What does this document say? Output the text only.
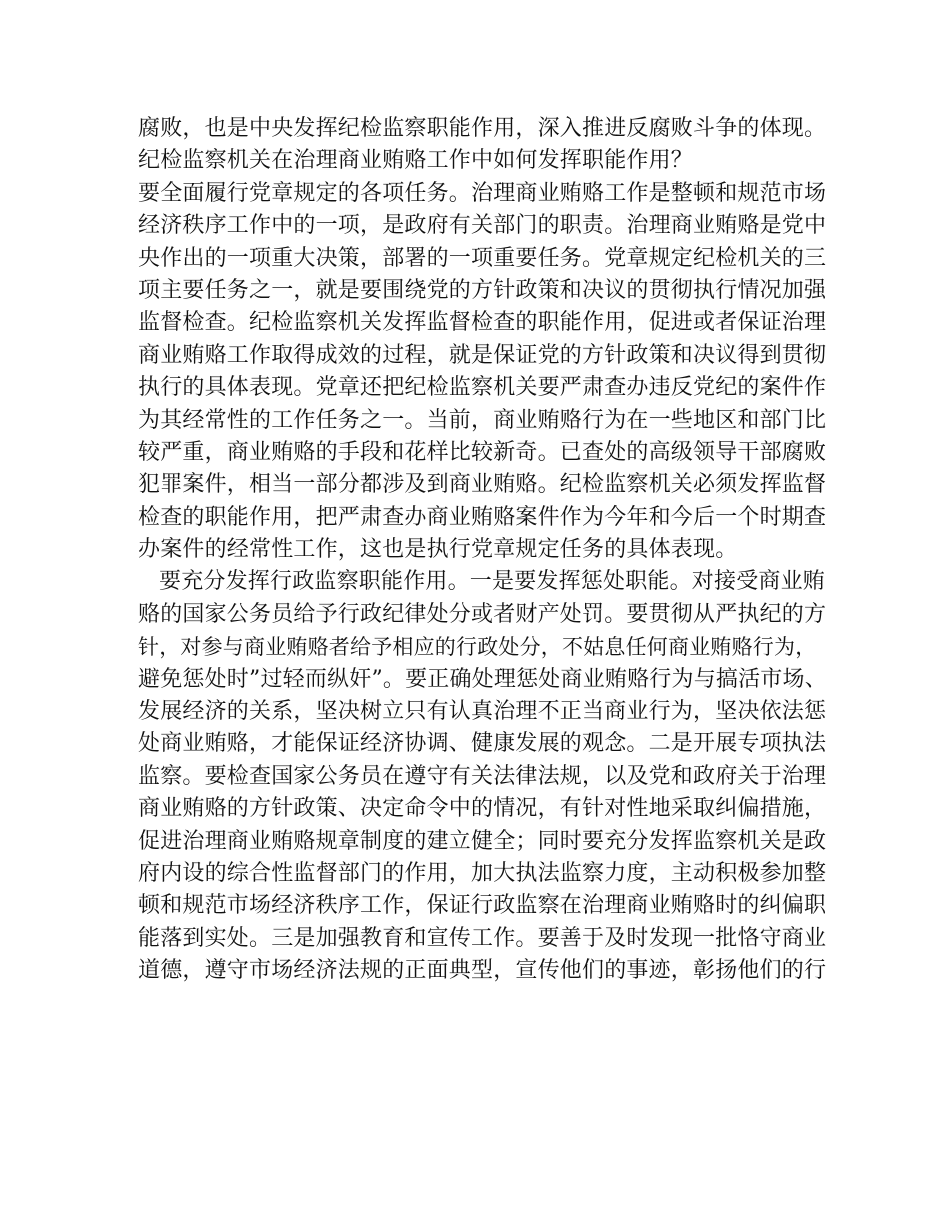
腐败，也是中央发挥纪检监察职能作用，深入推进反腐败斗争的体现。
纪检监察机关在治理商业贿赂工作中如何发挥职能作用？
要全面履行党章规定的各项任务。治理商业贿赂工作是整顿和规范市场
经济秩序工作中的一项，是政府有关部门的职责。治理商业贿赂是党中
央作出的一项重大决策，部署的一项重要任务。党章规定纪检机关的三
项主要任务之一，就是要围绕党的方针政策和决议的贯彻执行情况加强
监督检查。纪检监察机关发挥监督检查的职能作用，促进或者保证治理
商业贿赂工作取得成效的过程，就是保证党的方针政策和决议得到贯彻
执行的具体表现。党章还把纪检监察机关要严肃查办违反党纪的案件作
为其经常性的工作任务之一。当前，商业贿赂行为在一些地区和部门比
较严重，商业贿赂的手段和花样比较新奇。已查处的高级领导干部腐败
犯罪案件，相当一部分都涉及到商业贿赂。纪检监察机关必须发挥监督
检查的职能作用，把严肃查办商业贿赂案件作为今年和今后一个时期查
办案件的经常性工作，这也是执行党章规定任务的具体表现。
要充分发挥行政监察职能作用。一是要发挥惩处职能。对接受商业贿
赂的国家公务员给予行政纪律处分或者财产处罚。要贯彻从严执纪的方
针，对参与商业贿赂者给予相应的行政处分，不姑息任何商业贿赂行为，
避免惩处时”过轻而纵奸”。要正确处理惩处商业贿赂行为与搞活市场、
发展经济的关系，坚决树立只有认真治理不正当商业行为，坚决依法惩
处商业贿赂，才能保证经济协调、健康发展的观念。二是开展专项执法
监察。要检查国家公务员在遵守有关法律法规，以及党和政府关于治理
商业贿赂的方针政策、决定命令中的情况，有针对性地采取纠偏措施，
促进治理商业贿赂规章制度的建立健全；同时要充分发挥监察机关是政
府内设的综合性监督部门的作用，加大执法监察力度，主动积极参加整
顿和规范市场经济秩序工作，保证行政监察在治理商业贿赂时的纠偏职
能落到实处。三是加强教育和宣传工作。要善于及时发现一批恪守商业
道德，遵守市场经济法规的正面典型，宣传他们的事迹，彰扬他们的行
